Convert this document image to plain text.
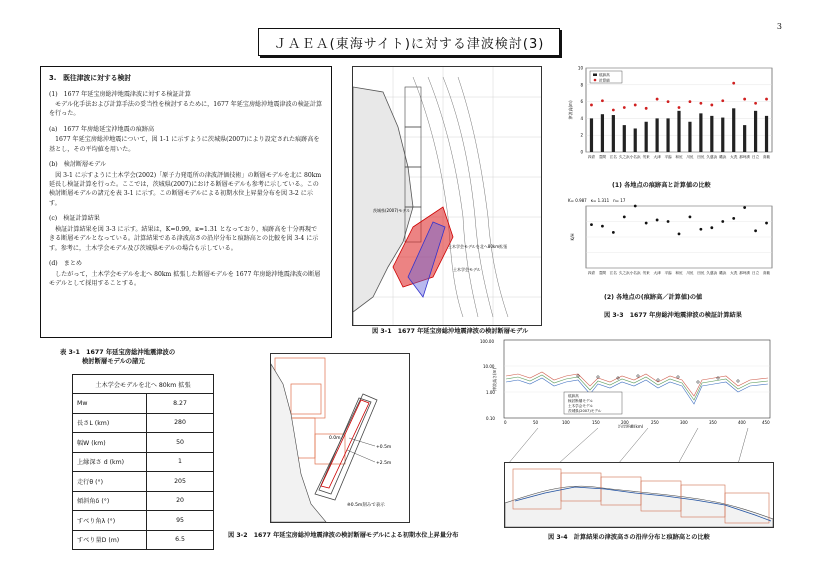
3
ＪＡＥＡ(東海サイト)に対する津波検討(3)
3.　既往津波に対する検討
(1)　1677 年延宝房総沖地震津波に対する検証計算

モデル化手法および計算手法の妥当性を検討するために，1677 年延宝房総沖地震津波の検証計算を行った。

(a)　1677 年房総延宝沖地震の痕跡高

1677 年延宝房総沖地震について，図 1-1 に示すように茨城県(2007)により設定された痕跡高を基とし，その平均値を用いた。

(b)　検討断層モデル

図 3-1 に示すように土木学会(2002)「原子力発電所の津波評価技術」の断層モデルを北に 80km 延長し検証計算を行った。ここでは，茨城県(2007)における断層モデルも参考に示している。この検討断層モデルの諸元を表 3-1 に示す。この断層モデルによる初期水位上昇量分布を図 3-2 に示す。

(c)　検証計算結果

検証計算結果を図 3-3 に示す。結果は，K=0.99，κ=1.31 となっており，痕跡高を十分再現できる断層モデルとなっている。計算結果である津波高さの沿岸分布と痕跡高との比較を図 3-4 に示す。参考に，土木学会モデル及び茨城県モデルの場合も示している。

(d)　まとめ

したがって，土木学会モデルを北へ 80km 拡張した断層モデルを 1677 年房総沖地震津波の断層モデルとして採用することする。

表 3-1　1677 年延宝房総沖地震津波の
検討断層モデルの諸元
土木学会モデルを北へ 80km 拡張	
Mw	8.27
長さL (km)	280
幅W (km)	50
上縁深さ d (km)	1
走行θ (°)	205
傾斜角δ (°)	20
すべり角λ (°)	95
すべり量D (m)	6.5
茨城県(2007)モデル
土木学会モデルを北へ80km拡張
土木学会モデル
図 3-1　1677 年延宝房総沖地震津波の検討断層モデル
0.0m
+0.5m
+2.5m
※0.5m刻みで表示
図 3-2　1677 年延宝房総沖地震津波の検討断層モデルによる初期水位上昇量分布
0
2
4
6
8
10
津波高(m)
四倉 豊間 江名 久之浜 小名浜 勿来 大津 平潟 和尻 川尻 田尻 久慈浜 磯浜 大洗 那珂湊 日立 高萩
痕跡高
計算値
(1) 各地点の痕跡高と計算値の比較
K= 0.987　κ= 1.311　n= 17
K/H
四倉 豊間 江名 久之浜 小名浜 勿来 大津 平潟 和尻 川尻 田尻 久慈浜 磯浜 大洗 那珂湊 日立 高萩
(2) 各地点の(痕跡高／計算値)の値
図 3-3　1677 年房総沖地震津波の検証計算結果
100.00
10.00
1.00
0.10
津波高さ(m)
痕跡高
検討断層モデル
土木学会モデル
茨城県(2007)モデル
0	50	100	150	200	250	300	350	400	450
沿岸距離(km)
図 3-4　計算結果の津波高さの沿岸分布と痕跡高との比較
